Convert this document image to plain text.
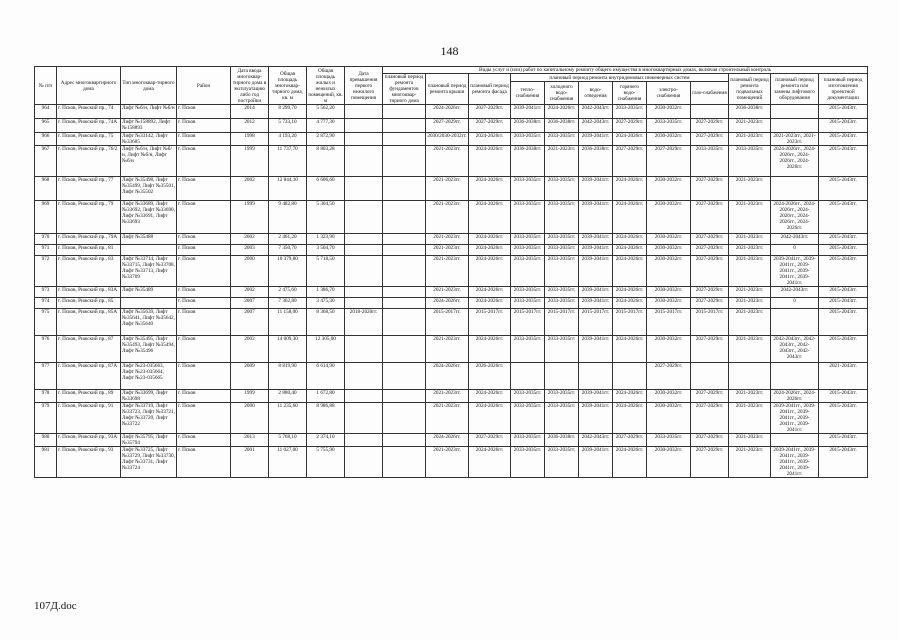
148
№ п/п	Адрес многоквартирного дома	Тип многоквар-тирного дома	Район	Дата ввода многоквар-тирного дома в эксплуатацию либо год постройки	Общая площадь многоквар-тирного дома, кв. м	Общая площадь жилых и нежилых помещений, кв. м	Дата превышения первого нежилого помещения	Виды услуг и (или) работ по капитальному ремонту общего имущества в многоквартирных домах, включая строительный контроль											
								плановый период ремонта фундаментов многоквар-тирного дома	плановый период ремонта крыши	плановый период ремонта фасада	плановый период ремонта внутридомовых инженерных систем						плановый период ремонта подвальных помещений	плановый период ремонта или замены лифтового оборудования	плановый период изготовления проектной документации
											тепло-снабжения	холодного водо-снабжения	водо-отведения	горячего водо-снабжения	электро-снабжения	газо-снабжения			
964	г. Псков, Рижский пр., 74	Лифт №б/н, Лифт №б/н	г. Псков	2014	8 299,70	5 562,20			2024-2026гг.	2027-2029гг.	2039-2041гг.	2024-2026гг.	2042-2043гг.	2033-2035гг.	2030-2032гг.		2036-2038гг.		2015-2043гг.
965	г. Псков, Рижский пр., 74А	Лифт №158892, Лифт №158893	г. Псков	2012	5 733,10	4 777,30			2027-2029гг.	2027-2029гг.	2036-2038гг.	2036-2038гг.	2042-2043гг.	2027-2029гг.	2033-2035гг.	2027-2029гг.	2021-2023гг.		2015-2043гг.
966	г. Псков, Рижский пр., 75	Лифт №33142, Лифт №33685	г. Псков	1998	4 193,20	2 872,90			2030/2030-2032гг.	2024-2026гг.	2033-2035гг.	2033-2035гг.	2039-2041гг.	2024-2026гг.	2030-2032гг.	2027-2029гг.	2021-2023гг.	2021-2023гг., 2021-2023гг.	2015-2043гг.
967	г. Псков, Рижский пр., 76/2	Лифт №б/н, Лифт №б/н, Лифт №б/н, Лифт №б/н	г. Псков	1999	11 737,70	8 803,28			2021-2023гг.	2024-2026гг.	2036-2038гг.	2021-2023гг.	2036-2038гг.	2027-2029гг.	2027-2029гг.	2033-2035гг.	2033-2035гг.	2024-2026гг., 2024-2026гг., 2024-2026гг., 2024-2026гг.	2015-2043гг.
968	г. Псков, Рижский пр., 77	Лифт №35498, Лифт №35499, Лифт №35501, Лифт №35502	г. Псков	2002	12 844,10	6 606,60			2021-2023гг.	2024-2026гг.	2033-2035гг.	2033-2035гг.	2039-2041гг.	2024-2026гг.	2030-2032гг.	2027-2029гг.	2021-2023гг.		2015-2043гг.
969	г. Псков, Рижский пр., 79	Лифт №33689, Лифт №33692, Лифт №33690, Лифт №33691, Лифт №33693	г. Псков	1999	9 482,80	5 304,50			2021-2023гг.	2024-2026гг.	2033-2035гг.	2033-2035гг.	2039-2041гг.	2024-2026гг.	2030-2032гг.	2027-2029гг.	2021-2023гг.	2024-2026гг., 2024-2026гг., 2024-2026гг., 2024-2026гг., 2024-2026гг.	2015-2043гг.
970	г. Псков, Рижский пр., 79А	Лифт №35488	г. Псков	2002	2 461,20	1 323,90			2021-2023гг.	2024-2026гг.	2033-2035гг.	2033-2035гг.	2039-2041гг.	2024-2026гг.	2030-2032гг.	2027-2029гг.	2021-2023гг.	2042-2043гг.	2015-2043гг.
971	г. Псков, Рижский пр., 81		г. Псков	2003	7 350,70	3 504,70			2021-2023гг.	2024-2026гг.	2033-2035гг.	2033-2035гг.	2039-2041гг.	2024-2026гг.	2030-2032гг.	2027-2029гг.	2021-2023гг.	0	2015-2043гг.
972	г. Псков, Рижский пр., 83	Лифт №33714, Лифт №33715, Лифт №33708, Лифт №33713, Лифт №33709	г. Псков	2000	10 379,80	5 718,50			2021-2023гг.	2024-2026гг.	2033-2035гг.	2033-2035гг.	2039-2041гг.	2024-2026гг.	2030-2032гг.	2027-2029гг.	2021-2023гг.	2039-2041гг., 2039-2041гг., 2039-2041гг., 2039-2041гг., 2039-2041гг.	2015-2043гг.
973	г. Псков, Рижский пр., 83А	Лифт №35489	г. Псков	2002	2 475,60	1 386,70			2021-2023гг.	2024-2026гг.	2033-2035гг.	2033-2035гг.	2039-2041гг.	2024-2026гг.	2030-2032гг.	2027-2029гг.	2021-2023гг.	2042-2043гг.	2015-2043гг.
974	г. Псков, Рижский пр., 85		г. Псков	2007	7 362,80	3 475,30			2024-2026гг.	2024-2026гг.	2033-2035гг.	2033-2035гг.	2039-2041гг.	2024-2026гг.	2030-2032гг.	2027-2029гг.	2021-2023гг.	0	2015-2043гг.
975	г. Псков, Рижский пр., 85А	Лифт №35639, Лифт №35641, Лифт №35642, Лифт №35640	г. Псков	2007	11 158,00	8 368,50	2018-2020гг.		2015-2017гг.	2015-2017гг.	2015-2017гг.	2015-2017гг.	2015-2017гг.	2015-2017гг.	2015-2017гг.	2015-2017гг.	2021-2023гг.		2015-2043гг.
976	г. Псков, Рижский пр., 87	Лифт №35495, Лифт №35493, Лифт №35494, Лифт №35496	г. Псков	2002	14 009,30	12 305,00			2021-2023гг.	2024-2026гг.	2033-2035гг.	2033-2035гг.	2039-2041гг.	2024-2026гг.	2030-2032гг.	2027-2029гг.	2021-2023гг.	2042-2043гг., 2042-2043гг., 2042-2043гг., 2042-2043гг.	2015-2043гг.
977	г. Псков, Рижский пр., 87А	Лифт №23-035663, Лифт №23-035664, Лифт №23-035665	г. Псков	2009	8 819,90	6 614,90			2024-2026гг.	2026-2026гг.					2027-2029гг.				2021-2043гг.
978	г. Псков, Рижский пр., 89	Лифт №33699, Лифт №33698	г. Псков	1999	2 880,40	1 672,80			2021-2023гг.	2024-2026гг.	2033-2035гг.	2033-2035гг.	2039-2041гг.	2024-2026гг.	2030-2032гг.	2027-2029гг.	2021-2023гг.	2024-2026гг., 2024-2026гг.	2015-2043гг.
979	г. Псков, Рижский пр., 91	Лифт №33719, Лифт №33723, Лифт №33721, Лифт №33720, Лифт №33722	г. Псков	2000	11 235,60	8 986,88			2021-2023гг.	2024-2026гг.	2033-2035гг.	2033-2035гг.	2039-2041гг.	2024-2026гг.	2030-2032гг.	2027-2029гг.	2021-2023гг.	2039-2041гг., 2039-2041гг., 2039-2041гг., 2039-2041гг., 2039-2041гг.	2015-2043гг.
980	г. Псков, Рижский пр., 93А	Лифт №35795, Лифт №35794	г. Псков	2013	5 768,10	2 374,10			2024-2026гг.	2027-2029гг.	2033-2035гг.	2036-2038гг.	2042-2043гг.	2027-2029гг.	2033-2035гг.	2027-2029гг.	2021-2023гг.		2015-2043гг.
981	г. Псков, Рижский пр., 93	Лифт №33725, Лифт №33729, Лифт №33730, Лифт №33731, Лифт №33724	г. Псков	2001	11 027,00	5 755,90			2021-2023гг.	2024-2026гг.	2033-2035гг.	2033-2035гг.	2039-2041гг.	2024-2026гг.	2030-2032гг.	2027-2029гг.	2021-2023гг.	2039-2041гг., 2039-2041гг., 2039-2041гг., 2039-2041гг., 2039-2041гг.	2015-2043гг.
107Д.doc
